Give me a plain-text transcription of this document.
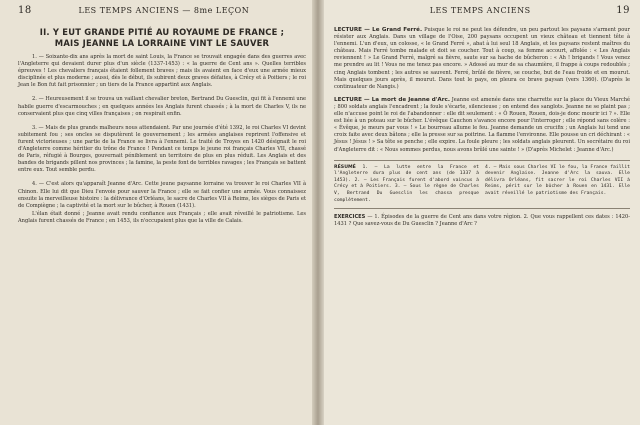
18	LES TEMPS ANCIENS — 8me LEÇON
II. Y EUT GRANDE PITIÉ AU ROYAUME DE FRANCE ;
MAIS JEANNE LA LORRAINE VINT LE SAUVER

1. — Soixante-dix ans après la mort de saint Louis, la France se trouvait engagée dans des guerres avec l'Angleterre qui devaient durer plus d'un siècle (1337-1453) : « la guerre de Cent ans ». Quelles terribles épreuves ! Les chevaliers français étaient follement braves ; mais ils avaient en face d'eux une armée mieux disciplinée et plus moderne ; aussi, dès le début, ils subirent deux graves défaites, à Crécy et à Poitiers ; le roi Jean le Bon fut fait prisonnier ; un tiers de la France appartint aux Anglais.

2. — Heureusement il se trouva un vaillant chevalier breton, Bertrand Du Guesclin, qui fit à l'ennemi une habile guerre d'escarmouches ; en quelques années les Anglais furent chassés ; à la mort de Charles V, ils ne conservaient plus que cinq villes françaises ; on respirait enfin.

3. — Mais de plus grands malheurs nous attendaient. Par une journée d'été 1392, le roi Charles VI devint subitement fou ; ses oncles se disputèrent le gouvernement ; les armées anglaises reprirent l'offensive et furent victorieuses ; une partie de la France se livra à l'ennemi. Le traité de Troyes en 1420 désignait le roi d'Angleterre comme héritier du trône de France ! Pendant ce temps le jeune roi français Charles VII, chassé de Paris, réfugié à Bourges, gouvernait péniblement un territoire de plus en plus réduit. Les Anglais et des bandes de brigands pillent nos provinces ; la famine, la peste font de terribles ravages ; les Français se battent entre eux. Tout semble perdu.

4. — C'est alors qu'apparaît Jeanne d'Arc. Cette jeune paysanne lorraine va trouver le roi Charles VII à Chinon. Elle lui dit que Dieu l'envoie pour sauver la France ; elle se fait confier une armée. Vous connaissez ensuite la merveilleuse histoire : la délivrance d'Orléans, le sacre de Charles VII à Reims, les sièges de Paris et de Compiègne ; la captivité et la mort sur le bûcher, à Rouen (1431).

L'élan était donné ; Jeanne avait rendu confiance aux Français ; elle avait réveillé le patriotisme. Les Anglais furent chassés de France ; en 1453, ils n'occupaient plus que la ville de Calais.

LES TEMPS ANCIENS	19

LECTURE — Le Grand Ferré. Puisque le roi ne peut les défendre, un peu partout les paysans s'arment pour résister aux Anglais. Dans un village de l'Oise, 200 paysans occupent un vieux château et tiennent tête à l'ennemi. L'un d'eux, un colosse, « le Grand Ferré », abat à lui seul 18 Anglais, et les paysans restent maîtres du château. Mais Ferré tombe malade et doit se coucher. Tout à coup, sa femme accourt, affolée : « Les Anglais reviennent ! » Le Grand Ferré, malgré sa fièvre, saute sur sa hache de bûcheron : « Ah ! brigands ! Vous venez me prendre au lit ! Vous ne me tenez pas encore. » Adossé au mur de sa chaumière, il frappe à coups redoublés ; cinq Anglais tombent ; les autres se sauvent. Ferré, brûlé de fièvre, se couche, but de l'eau froide et en mourut. Mais quelques jours après, il mourut. Dans tout le pays, on pleura ce brave paysan (vers 1360). (D'après le continuateur de Nangis.)

LECTURE — La mort de Jeanne d'Arc. Jeanne est amenée dans une charrette sur la place du Vieux Marché ; 800 soldats anglais l'encadrent ; la foule s'écarte, silencieuse ; on entend des sanglots. Jeanne ne se plaint pas ; elle n'accuse point le roi de l'abandonner : elle dit seulement : « Ô Rouen, Rouen, dois-je donc mourir ici ? ». Elle est liée à un poteau sur le bûcher. L'évêque Cauchon s'avance encore pour l'interroger ; elle répond sans colère : « Évêque, je meurs par vous ! » Le bourreau allume le feu. Jeanne demande un crucifix ; un Anglais lui tend une croix faite avec deux bâtons ; elle la presse sur sa poitrine. La flamme l'environne. Elle pousse un cri déchirant : « Jésus ! Jésus ! » Sa tête se penche ; elle expire. La foule pleure ; les soldats anglais pleurent. Un secrétaire du roi d'Angleterre dit : « Nous sommes perdus, nous avons brûlé une sainte ! » (D'après Michelet : Jeanne d'Arc.)

RÉSUMÉ 1. — La lutte entre la France et l'Angleterre dura plus de cent ans (de 1337 à 1453). 2. — Les Français furent d'abord vaincus à Crécy et à Poitiers. 3. — Sous le règne de Charles V, Bertrand Du Guesclin les chassa presque complètement.
4. — Mais sous Charles VI le fou, la France faillit devenir Anglaise. Jeanne d'Arc la sauva. Elle délivra Orléans, fit sacrer le roi Charles VII à Reims, périt sur le bûcher à Rouen en 1431. Elle avait réveillé le patriotisme des Français.

EXERCICES — 1. Épisodes de la guerre de Cent ans dans votre région. 2. Que vous rappellent ces dates : 1420-1431 ? Que savez-vous de Du Guesclin ? Jeanne d'Arc ?
